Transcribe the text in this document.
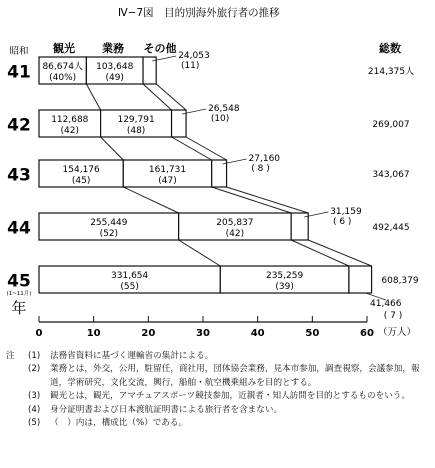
Ⅳ−7図　目的別海外旅行者の推移
観光 業務 その他	総数
昭和
(1~11月)
年
（万人）
41 86,674人
(40%)
103,648
(49)
24,053
(11)
214,375人
42 112,688
(42)
129,791
(48)
26,548
(10)
269,007
43	154,176
(45)
161,731
(47)
27,160
( 8 )
343,067
44	255,449
(52)
205,837
(42)
31,159
( 6 )
492,445
45	331,654
(55)
235,259
(39)
41,466
( 7 )
608,379
0	10	20	30	40	50	60
注	(1)	法務省資料に基づく運輸省の集計による。
(2)	業務とは，外交，公用，駐留任，商社用，団体協会業務，見本市参加，調査視察，会議参加，報道，学術研究，文化交流，興行，船舶・航空機乗組みを目的とする。
(3)	観光とは，観光，アマチュアスポーツ競技参加，近親者・知人訪問を目的とするものをいう。
(4)	身分証明書および日本渡航証明書による旅行者を含まない。
(5)	（　）内は，構成比（%）である。
